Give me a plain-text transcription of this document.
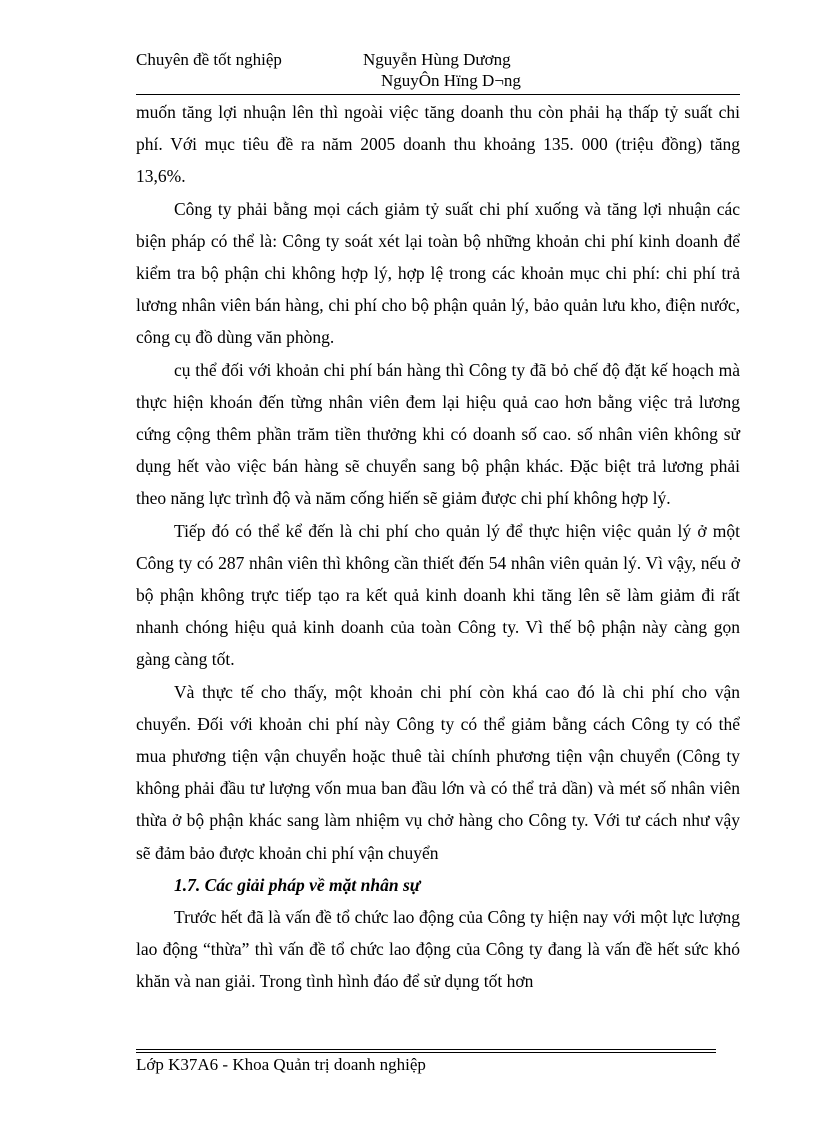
Chuyên đề tốt nghiệp	Nguyễn Hùng Dương
NguyÔn Hïng D¬ng

muốn tăng lợi nhuận lên thì ngoài việc tăng doanh thu còn phải hạ thấp tỷ suất chi phí. Với mục tiêu đề ra năm 2005 doanh thu khoảng 135. 000 (triệu đồng) tăng 13,6%.

Công ty phải bằng mọi cách giảm tỷ suất chi phí xuống và tăng lợi nhuận các biện pháp có thể là: Công ty soát xét lại toàn bộ những khoản chi phí kinh doanh để kiểm tra bộ phận chi không hợp lý, hợp lệ trong các khoản mục chi phí: chi phí trả lương nhân viên bán hàng, chi phí cho bộ phận quản lý, bảo quản lưu kho, điện nước, công cụ đồ dùng văn phòng.

cụ thể đối với khoản chi phí bán hàng thì Công ty đã bỏ chế độ đặt kế hoạch mà thực hiện khoán đến từng nhân viên đem lại hiệu quả cao hơn bằng việc trả lương cứng cộng thêm phần trăm tiền thưởng khi có doanh số cao. số nhân viên không sử dụng hết vào việc bán hàng sẽ chuyển sang bộ phận khác. Đặc biệt trả lương phải theo năng lực trình độ và năm cống hiến sẽ giảm được chi phí không hợp lý.

Tiếp đó có thể kể đến là chi phí cho quản lý để thực hiện việc quản lý ở một Công ty có 287 nhân viên thì không cần thiết đến 54 nhân viên quản lý. Vì vậy, nếu ở bộ phận không trực tiếp tạo ra kết quả kinh doanh khi tăng lên sẽ làm giảm đi rất nhanh chóng hiệu quả kinh doanh của toàn Công ty. Vì thế bộ phận này càng gọn gàng càng tốt.

Và thực tế cho thấy, một khoản chi phí còn khá cao đó là chi phí cho vận chuyển. Đối với khoản chi phí này Công ty có thể giảm bằng cách Công ty có thể mua phương tiện vận chuyển hoặc thuê tài chính phương tiện vận chuyển (Công ty không phải đầu tư lượng vốn mua ban đầu lớn và có thể trả dần) và mét số nhân viên thừa ở bộ phận khác sang làm nhiệm vụ chở hàng cho Công ty. Với tư cách như vậy sẽ đảm bảo được khoản chi phí vận chuyển

1.7. Các giải pháp về mặt nhân sự

Trước hết đã là vấn đề tổ chức lao động của Công ty hiện nay với một lực lượng lao động “thừa” thì vấn đề tổ chức lao động của Công ty đang là vấn đề hết sức khó khăn và nan giải. Trong tình hình đáo để sử dụng tốt hơn

Lớp K37A6 - Khoa Quản trị doanh nghiệp
